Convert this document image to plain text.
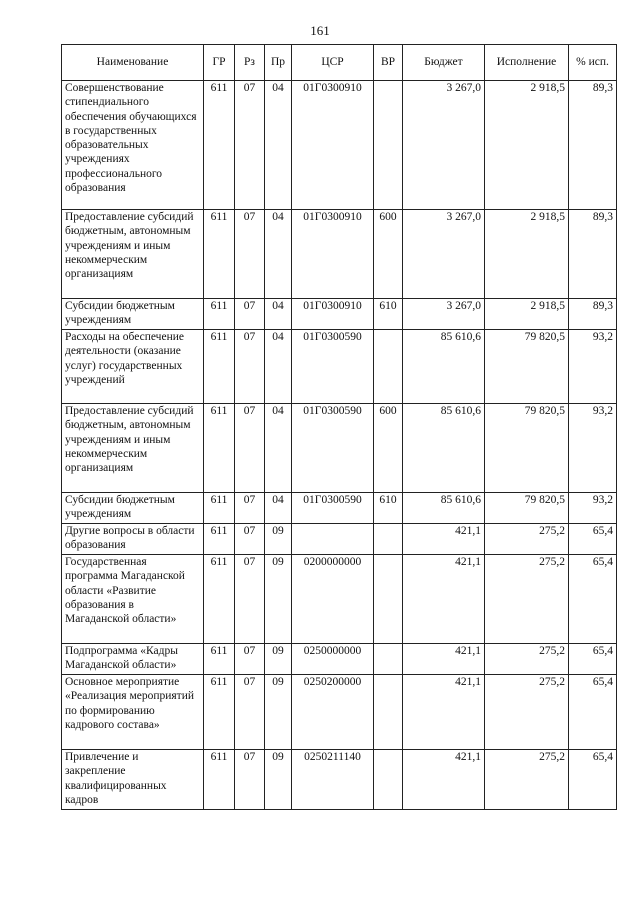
161
Наименование	ГР	Рз	Пр	ЦСР	ВР	Бюджет	Исполнение	% исп.
Совершенствование стипендиального обеспечения обучающихся в государственных образовательных учреждениях профессионального образования	611	07	04	01Г0300910		3 267,0	2 918,5	89,3
Предоставление субсидий бюджетным, автономным учреждениям и иным некоммерческим организациям	611	07	04	01Г0300910	600	3 267,0	2 918,5	89,3
Субсидии бюджетным учреждениям	611	07	04	01Г0300910	610	3 267,0	2 918,5	89,3
Расходы на обеспечение деятельности (оказание услуг) государственных учреждений	611	07	04	01Г0300590		85 610,6	79 820,5	93,2
Предоставление субсидий бюджетным, автономным учреждениям и иным некоммерческим организациям	611	07	04	01Г0300590	600	85 610,6	79 820,5	93,2
Субсидии бюджетным учреждениям	611	07	04	01Г0300590	610	85 610,6	79 820,5	93,2
Другие вопросы в области образования	611	07	09			421,1	275,2	65,4
Государственная программа Магаданской области «Развитие образования в Магаданской области»	611	07	09	0200000000		421,1	275,2	65,4
Подпрограмма «Кадры Магаданской области»	611	07	09	0250000000		421,1	275,2	65,4
Основное мероприятие «Реализация мероприятий по формированию кадрового состава»	611	07	09	0250200000		421,1	275,2	65,4
Привлечение и закрепление квалифицированных кадров	611	07	09	0250211140		421,1	275,2	65,4
